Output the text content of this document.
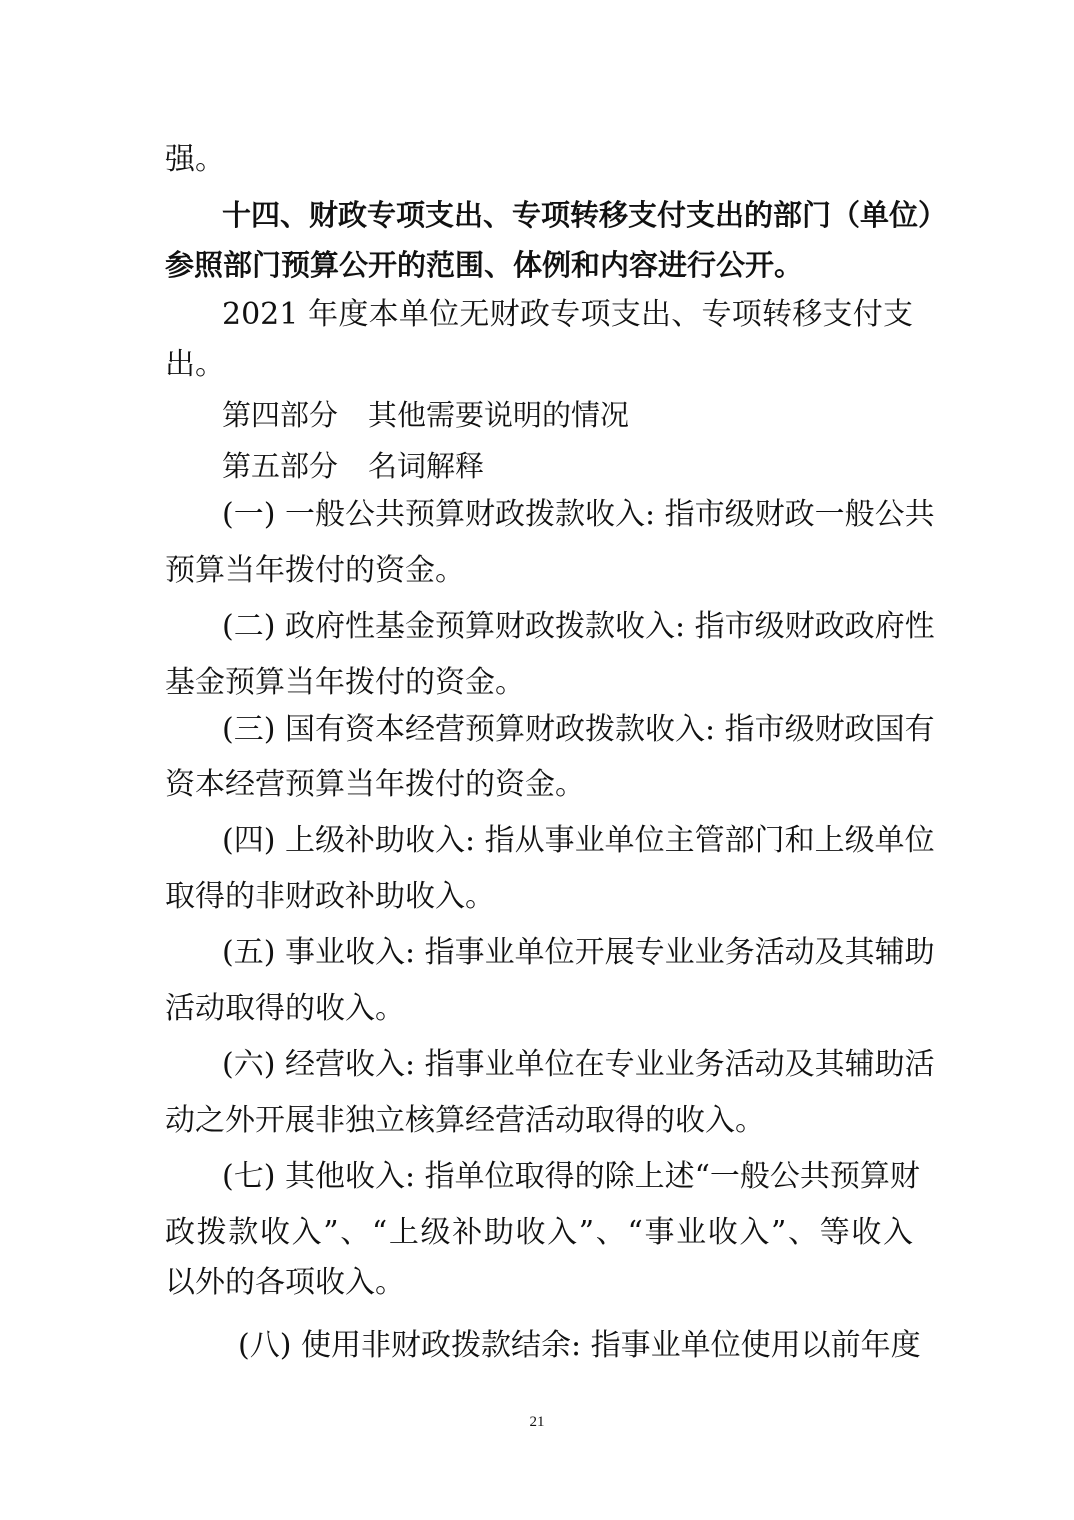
强。
十四、财政专项支出、专项转移支付支出的部门（单位）
参照部门预算公开的范围、体例和内容进行公开。
2021 年度本单位无财政专项支出、专项转移支付支
出。
第四部分 其他需要说明的情况
第五部分 名词解释
(一) 一般公共预算财政拨款收入: 指市级财政一般公共
预算当年拨付的资金。
(二) 政府性基金预算财政拨款收入: 指市级财政政府性
基金预算当年拨付的资金。
(三) 国有资本经营预算财政拨款收入: 指市级财政国有
资本经营预算当年拨付的资金。
(四) 上级补助收入: 指从事业单位主管部门和上级单位
取得的非财政补助收入。
(五) 事业收入: 指事业单位开展专业业务活动及其辅助
活动取得的收入。
(六) 经营收入: 指事业单位在专业业务活动及其辅助活
动之外开展非独立核算经营活动取得的收入。
(七) 其他收入: 指单位取得的除上述“一般公共预算财
政拨款收入”、“上级补助收入”、“事业收入”、等收入
以外的各项收入。
(八) 使用非财政拨款结余: 指事业单位使用以前年度
21
